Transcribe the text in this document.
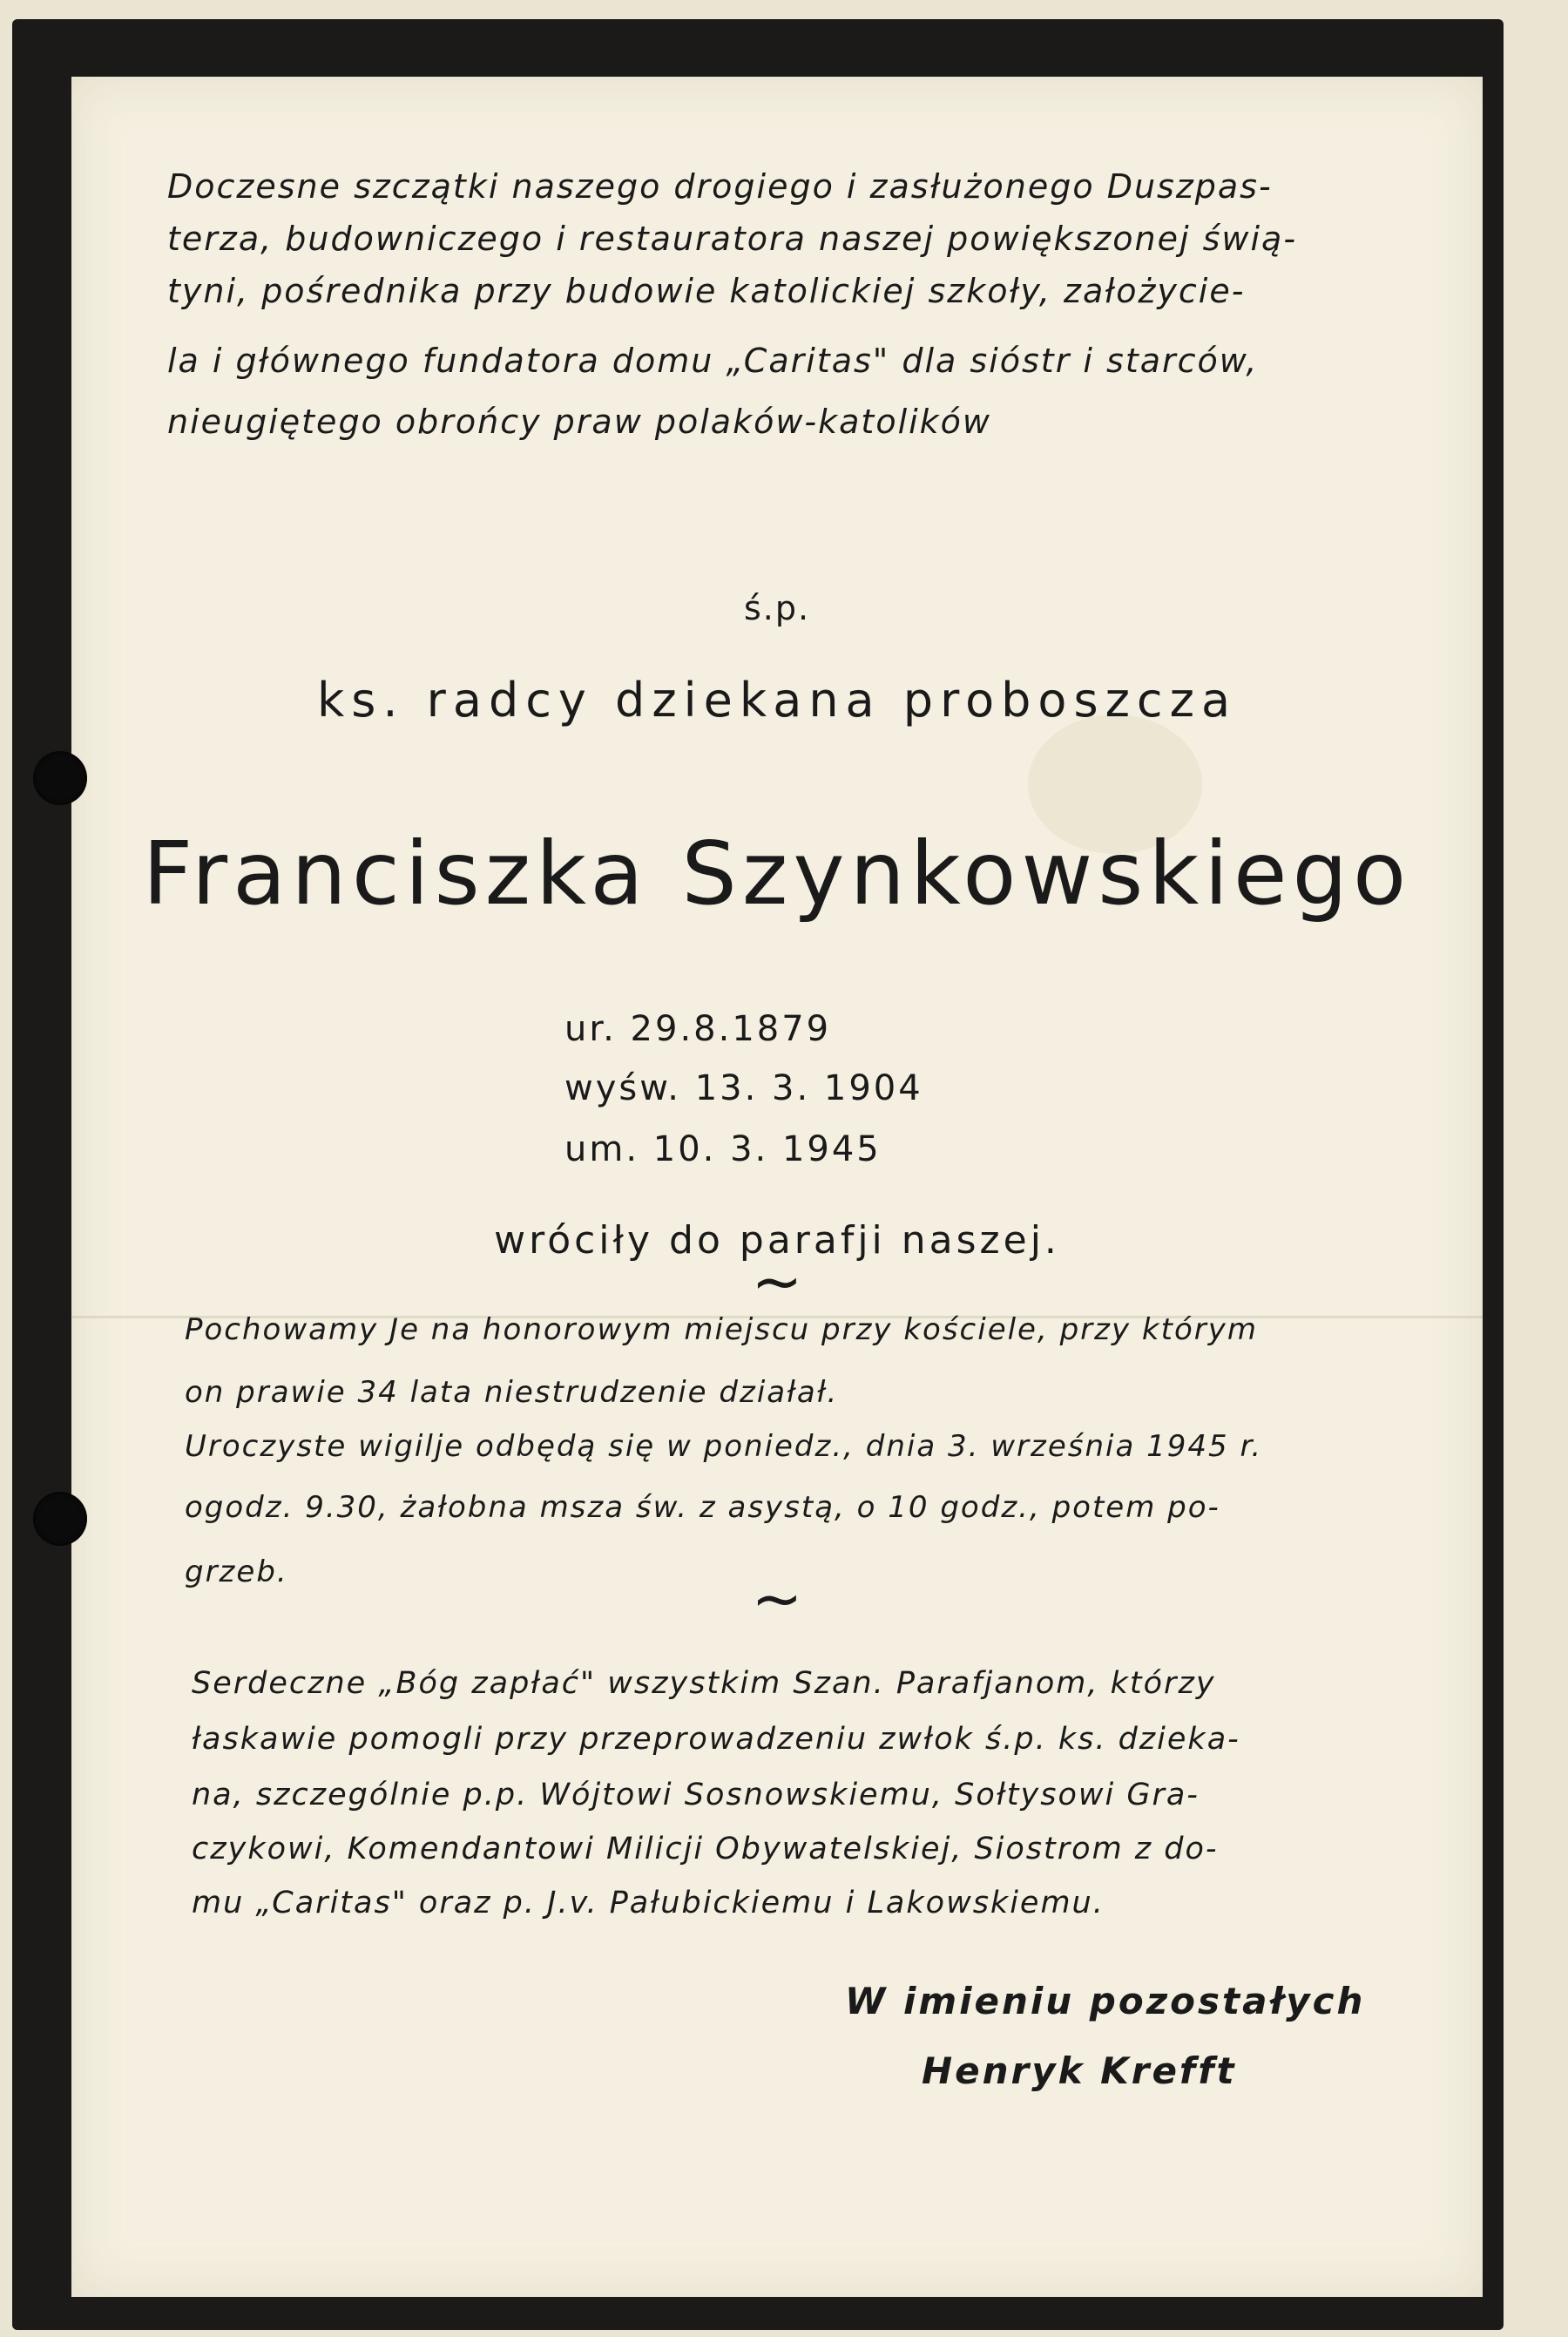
Doczesne szczątki naszego drogiego i zasłużonego Duszpas-
terza, budowniczego i restauratora naszej powiększonej świą-
tyni, pośrednika przy budowie katolickiej szkoły, założycie-
la i głównego fundatora domu „Caritas" dla sióstr i starców,
nieugiętego obrońcy praw polaków-katolików
ś.p.
ks. radcy dziekana proboszcza
Franciszka Szynkowskiego
ur. 29.8.1879
wyśw. 13. 3. 1904
um. 10. 3. 1945
wróciły do parafji naszej.
~
Pochowamy Je na honorowym miejscu przy kościele, przy którym
on prawie 34 lata niestrudzenie działał.
Uroczyste wigilje odbędą się w poniedz., dnia 3. września 1945 r.
ogodz. 9.30, żałobna msza św. z asystą, o 10 godz., potem po-
grzeb.	~
Serdeczne „Bóg zapłać" wszystkim Szan. Parafjanom, którzy
łaskawie pomogli przy przeprowadzeniu zwłok ś.p. ks. dzieka-
na, szczególnie p.p. Wójtowi Sosnowskiemu, Sołtysowi Gra-
czykowi, Komendantowi Milicji Obywatelskiej, Siostrom z do-
mu „Caritas" oraz p. J.v. Pałubickiemu i Lakowskiemu.
W imieniu pozostałych
Henryk Krefft
